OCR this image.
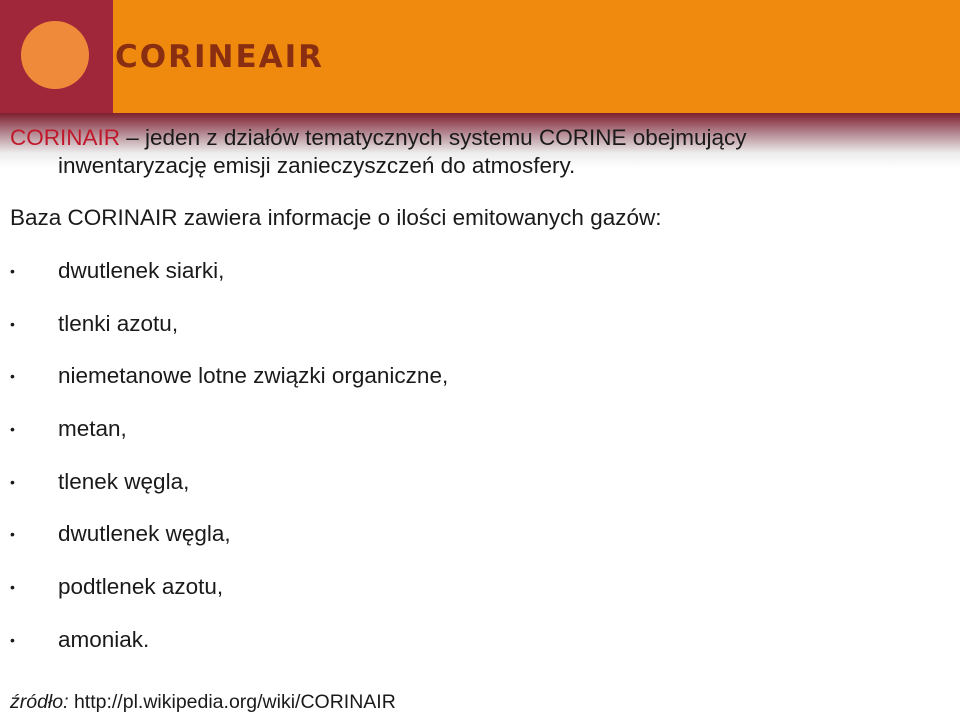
CORINEAIR
CORINAIR – jeden z działów tematycznych systemu CORINE obejmujący
inwentaryzację emisji zanieczyszczeń do atmosfery.
Baza CORINAIR zawiera informacje o ilości emitowanych gazów:
• dwutlenek siarki,
• tlenki azotu,
• niemetanowe lotne związki organiczne,
• metan,
• tlenek węgla,
• dwutlenek węgla,
• podtlenek azotu,
• amoniak.
źródło: http://pl.wikipedia.org/wiki/CORINAIR
